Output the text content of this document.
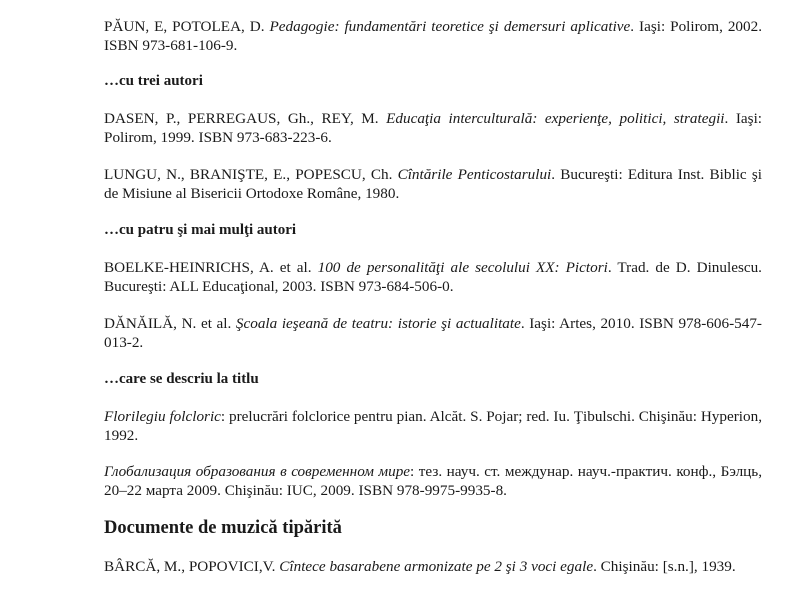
PĂUN, E, POTOLEA, D. Pedagogie: fundamentări teoretice şi demersuri aplicative. Iaşi: Polirom, 2002. ISBN 973-681-106-9.
…cu trei autori
DASEN, P., PERREGAUS, Gh., REY, M. Educaţia interculturală: experienţe, politici, strategii. Iaşi: Polirom, 1999. ISBN 973-683-223-6.
LUNGU, N., BRANIŞTE, E., POPESCU, Ch. Cîntările Penticostarului. Bucureşti: Editura Inst. Biblic şi de Misiune al Bisericii Ortodoxe Române, 1980.
…cu patru şi mai mulţi autori
BOELKE-HEINRICHS, A. et al. 100 de personalităţi ale secolului XX: Pictori. Trad. de D. Dinulescu. Bucureşti: ALL Educaţional, 2003. ISBN 973-684-506-0.
DĂNĂILĂ, N. et al. Şcoala ieşeană de teatru: istorie şi actualitate. Iaşi: Artes, 2010. ISBN 978-606-547-013-2.
…care se descriu la titlu
Florilegiu folcloric: prelucrări folclorice pentru pian. Alcăt. S. Pojar; red. Iu. Ţibulschi. Chişinău: Hyperion, 1992.
Глобализация образования в современном мире: тез. науч. ст. междунар. науч.-практич. конф., Бэлць, 20–22 марта 2009. Chişinău: IUC, 2009. ISBN 978-9975-9935-8.
Documente de muzică tipărită
BÂRCĂ, M., POPOVICI,V. Cîntece basarabene armonizate pe 2 şi 3 voci egale. Chişinău: [s.n.], 1939.
